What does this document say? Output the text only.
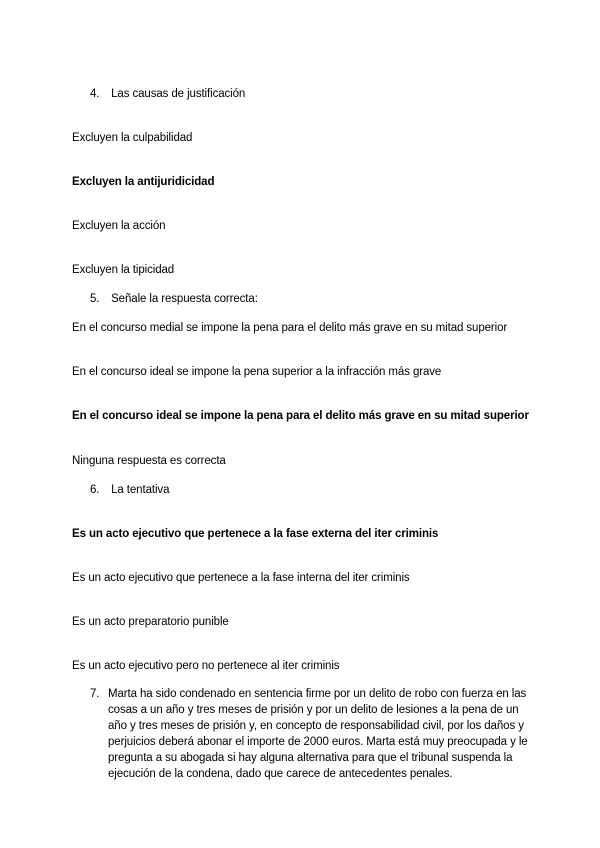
4. Las causas de justificación
Excluyen la culpabilidad
Excluyen la antijuridicidad
Excluyen la acción
Excluyen la tipicidad
5. Señale la respuesta correcta:
En el concurso medial se impone la pena para el delito más grave en su mitad superior
En el concurso ideal se impone la pena superior a la infracción más grave
En el concurso ideal se impone la pena para el delito más grave en su mitad superior
Ninguna respuesta es correcta
6. La tentativa
Es un acto ejecutivo que pertenece a la fase externa del iter criminis
Es un acto ejecutivo que pertenece a la fase interna del iter criminis
Es un acto preparatorio punible
Es un acto ejecutivo pero no pertenece al iter criminis
7. Marta ha sido condenado en sentencia firme por un delito de robo con fuerza en las cosas a un año y tres meses de prisión y por un delito de lesiones a la pena de un año y tres meses de prisión y, en concepto de responsabilidad civil, por los daños y perjuicios deberá abonar el importe de 2000 euros. Marta está muy preocupada y le pregunta a su abogada si hay alguna alternativa para que el tribunal suspenda la ejecución de la condena, dado que carece de antecedentes penales.
